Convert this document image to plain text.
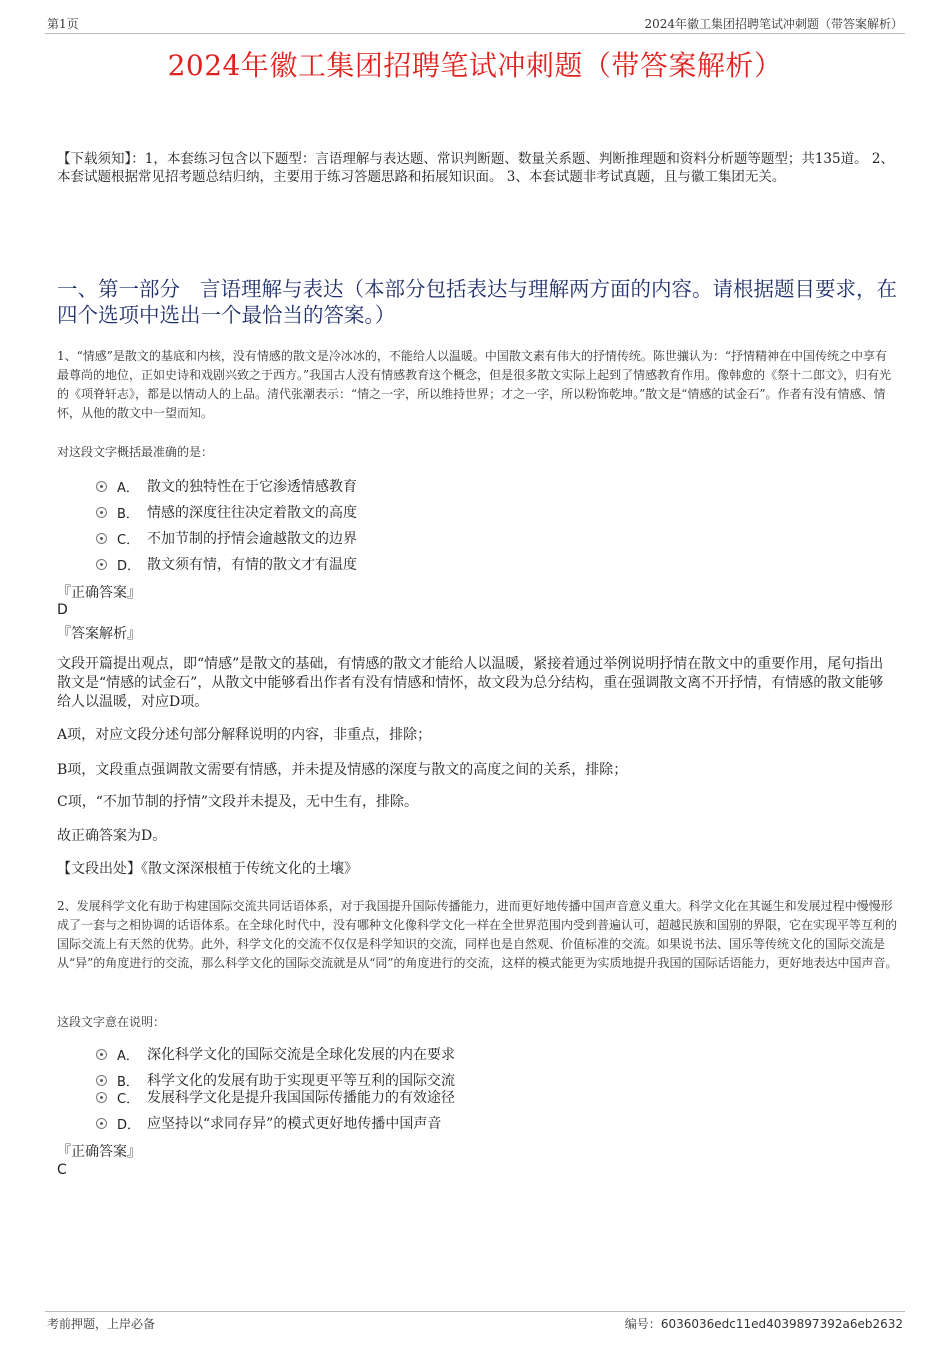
第1页	2024年徽工集团招聘笔试冲刺题（带答案解析）
2024年徽工集团招聘笔试冲刺题（带答案解析）
【下载须知】：1，本套练习包含以下题型：言语理解与表达题、常识判断题、数量关系题、判断推理题和资料分析题等题型；共135道。 2、本套试题根据常见招考题总结归纳，主要用于练习答题思路和拓展知识面。 3、本套试题非考试真题，且与徽工集团无关。
一、第一部分 言语理解与表达（本部分包括表达与理解两方面的内容。请根据题目要求，在四个选项中选出一个最恰当的答案。）
1、“情感”是散文的基底和内核，没有情感的散文是冷冰冰的，不能给人以温暖。中国散文素有伟大的抒情传统。陈世骧认为：“抒情精神在中国传统之中享有最尊尚的地位，正如史诗和戏剧兴致之于西方。”我国古人没有情感教育这个概念，但是很多散文实际上起到了情感教育作用。像韩愈的《祭十二郎文》，归有光的《项脊轩志》，都是以情动人的上品。清代张潮表示：“情之一字，所以维持世界；才之一字，所以粉饰乾坤。”散文是“情感的试金石”。作者有没有情感、情怀，从他的散文中一望而知。
对这段文字概括最准确的是：
A． 散文的独特性在于它渗透情感教育
B． 情感的深度往往决定着散文的高度
C． 不加节制的抒情会逾越散文的边界
D． 散文须有情，有情的散文才有温度
『正确答案』
D
『答案解析』
文段开篇提出观点，即“情感”是散文的基础，有情感的散文才能给人以温暖，紧接着通过举例说明抒情在散文中的重要作用，尾句指出散文是“情感的试金石”，从散文中能够看出作者有没有情感和情怀，故文段为总分结构，重在强调散文离不开抒情，有情感的散文能够给人以温暖，对应D项。
A项，对应文段分述句部分解释说明的内容，非重点，排除；
B项，文段重点强调散文需要有情感，并未提及情感的深度与散文的高度之间的关系，排除；
C项，“不加节制的抒情”文段并未提及，无中生有，排除。
故正确答案为D。
【文段出处】《散文深深根植于传统文化的土壤》
2、发展科学文化有助于构建国际交流共同话语体系，对于我国提升国际传播能力，进而更好地传播中国声音意义重大。科学文化在其诞生和发展过程中慢慢形成了一套与之相协调的话语体系。在全球化时代中，没有哪种文化像科学文化一样在全世界范围内受到普遍认可，超越民族和国别的界限，它在实现平等互利的国际交流上有天然的优势。此外，科学文化的交流不仅仅是科学知识的交流，同样也是自然观、价值标准的交流。如果说书法、国乐等传统文化的国际交流是从“异”的角度进行的交流，那么科学文化的国际交流就是从“同”的角度进行的交流，这样的模式能更为实质地提升我国的国际话语能力，更好地表达中国声音。
这段文字意在说明：
A． 深化科学文化的国际交流是全球化发展的内在要求
B． 科学文化的发展有助于实现更平等互利的国际交流
C． 发展科学文化是提升我国国际传播能力的有效途径
D． 应坚持以“求同存异”的模式更好地传播中国声音
『正确答案』
C
考前押题，上岸必备	编号：6036036edc11ed4039897392a6eb2632
